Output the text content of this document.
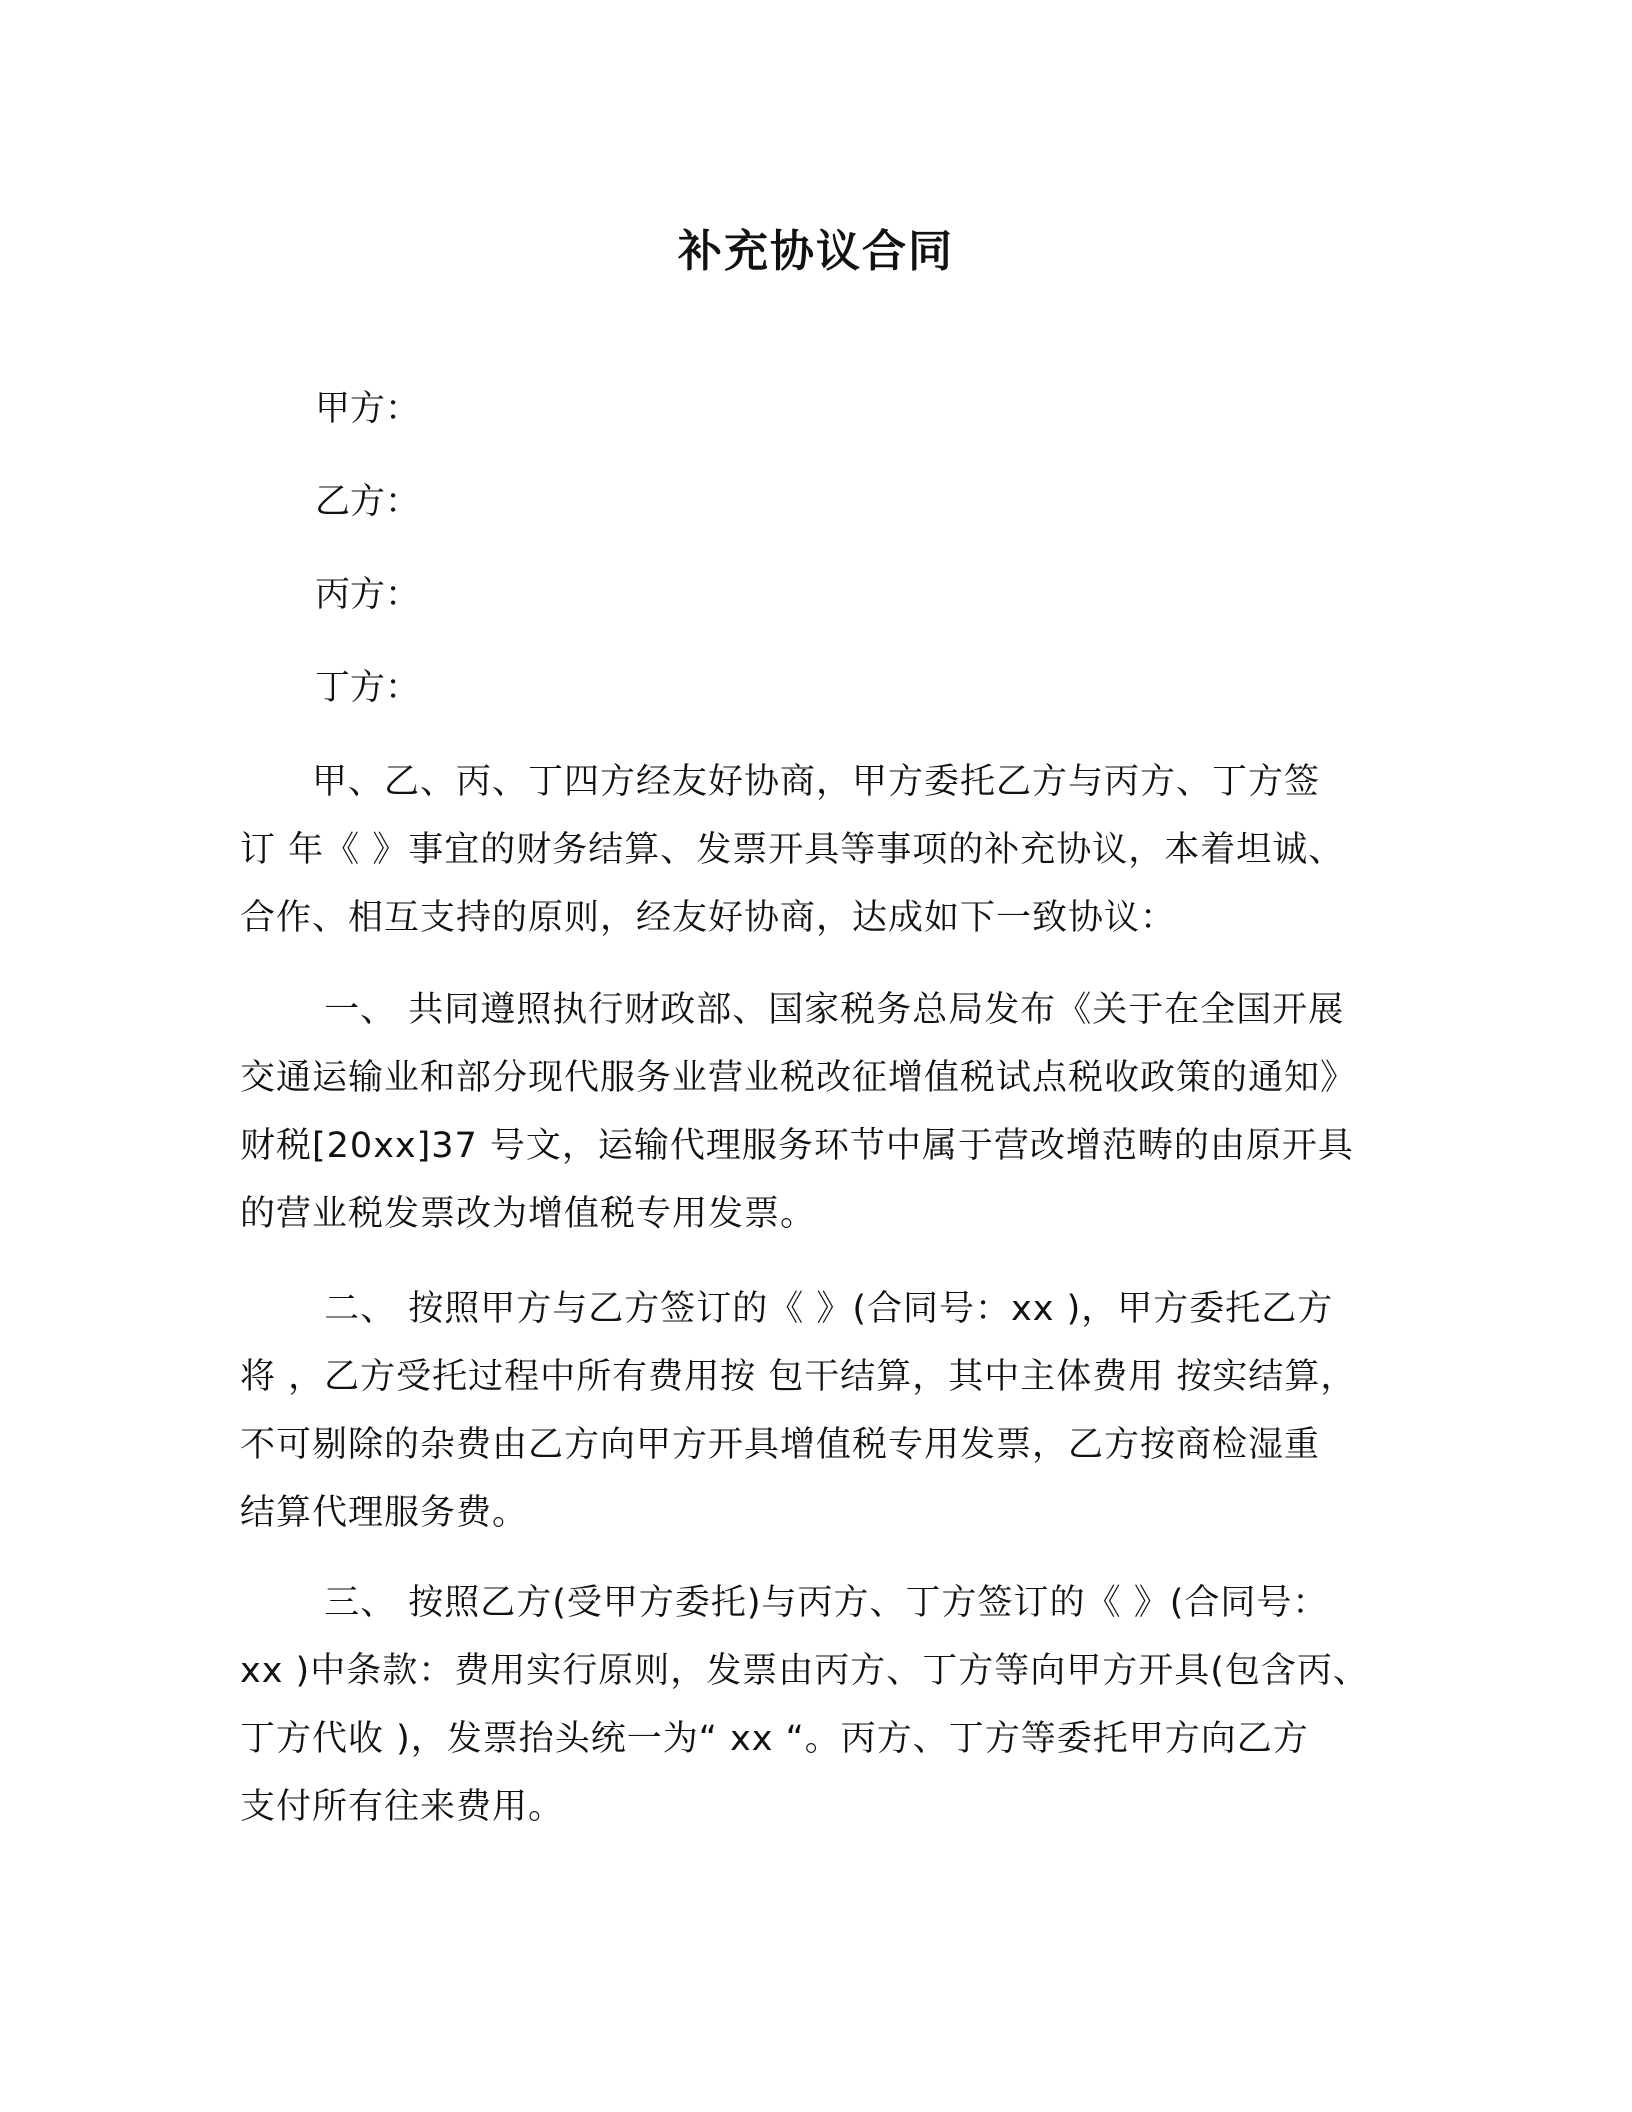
补充协议合同

甲方：

乙方：

丙方：

丁方：

　　甲、乙、丙、丁四方经友好协商，甲方委托乙方与丙方、丁方签
订 年《 》事宜的财务结算、发票开具等事项的补充协议，本着坦诚、
合作、相互支持的原则，经友好协商，达成如下一致协议：
　　 一、 共同遵照执行财政部、国家税务总局发布《关于在全国开展
交通运输业和部分现代服务业营业税改征增值税试点税收政策的通知》
财税[20xx]37 号文，运输代理服务环节中属于营改增范畴的由原开具
的营业税发票改为增值税专用发票。
　　 二、 按照甲方与乙方签订的《 》(合同号：xx )，甲方委托乙方
将 ，乙方受托过程中所有费用按 包干结算，其中主体费用 按实结算，
不可剔除的杂费由乙方向甲方开具增值税专用发票，乙方按商检湿重
结算代理服务费。
　　 三、 按照乙方(受甲方委托)与丙方、丁方签订的《 》(合同号：
xx )中条款：费用实行原则，发票由丙方、丁方等向甲方开具(包含丙、
丁方代收 )，发票抬头统一为“ xx “。丙方、丁方等委托甲方向乙方
支付所有往来费用。
